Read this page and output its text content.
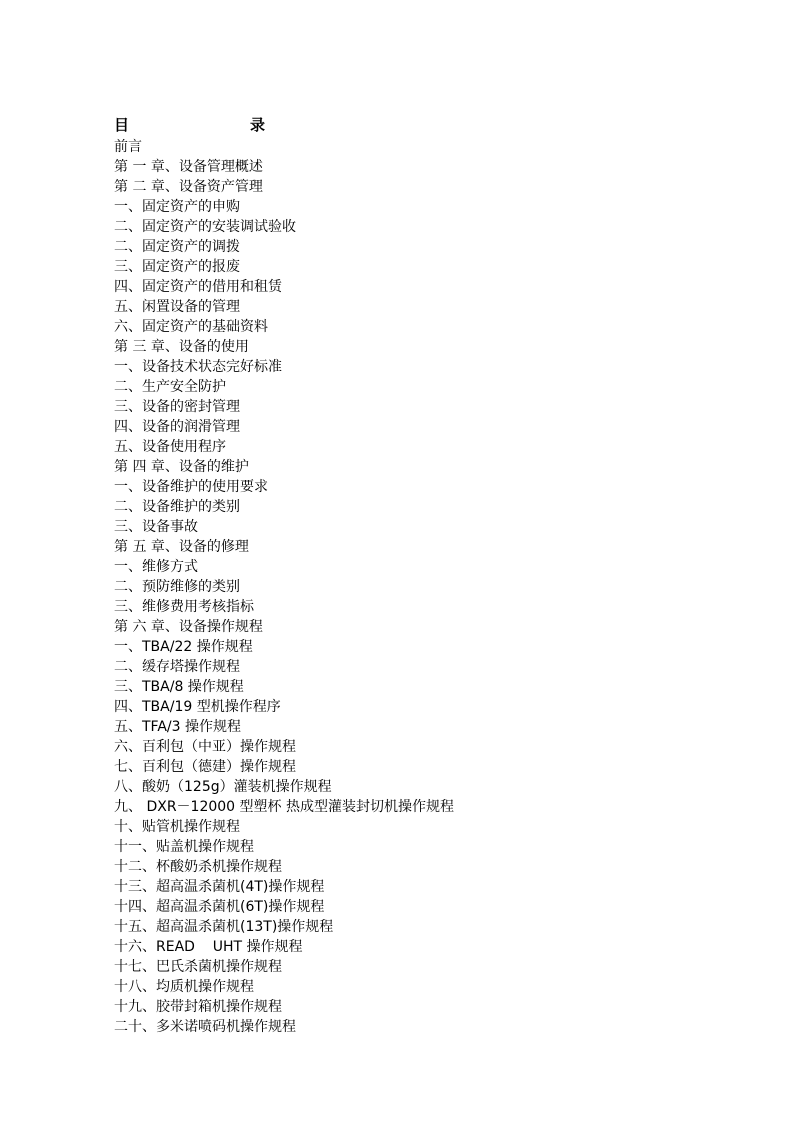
目	录
前言
第 一 章、设备管理概述
第 二 章、设备资产管理
一、固定资产的申购
二、固定资产的安装调试验收
二、固定资产的调拨
三、固定资产的报废
四、固定资产的借用和租赁
五、闲置设备的管理
六、固定资产的基础资料
第 三 章、设备的使用
一、设备技术状态完好标准
二、生产安全防护
三、设备的密封管理
四、设备的润滑管理
五、设备使用程序
第 四 章、设备的维护
一、设备维护的使用要求
二、设备维护的类别
三、设备事故
第 五 章、设备的修理
一、维修方式
二、预防维修的类别
三、维修费用考核指标
第 六 章、设备操作规程
一、TBA/22 操作规程
二、缓存塔操作规程
三、TBA/8 操作规程
四、TBA/19 型机操作程序
五、TFA/3 操作规程
六、百利包（中亚）操作规程
七、百利包（德建）操作规程
八、酸奶（125g）灌装机操作规程
九、 DXR－12000 型塑杯 热成型灌装封切机操作规程
十、贴管机操作规程
十一、贴盖机操作规程
十二、杯酸奶杀机操作规程
十三、超高温杀菌机(4T)操作规程
十四、超高温杀菌机(6T)操作规程
十五、超高温杀菌机(13T)操作规程
十六、READ    UHT 操作规程
十七、巴氏杀菌机操作规程
十八、均质机操作规程
十九、胶带封箱机操作规程
二十、多米诺喷码机操作规程
